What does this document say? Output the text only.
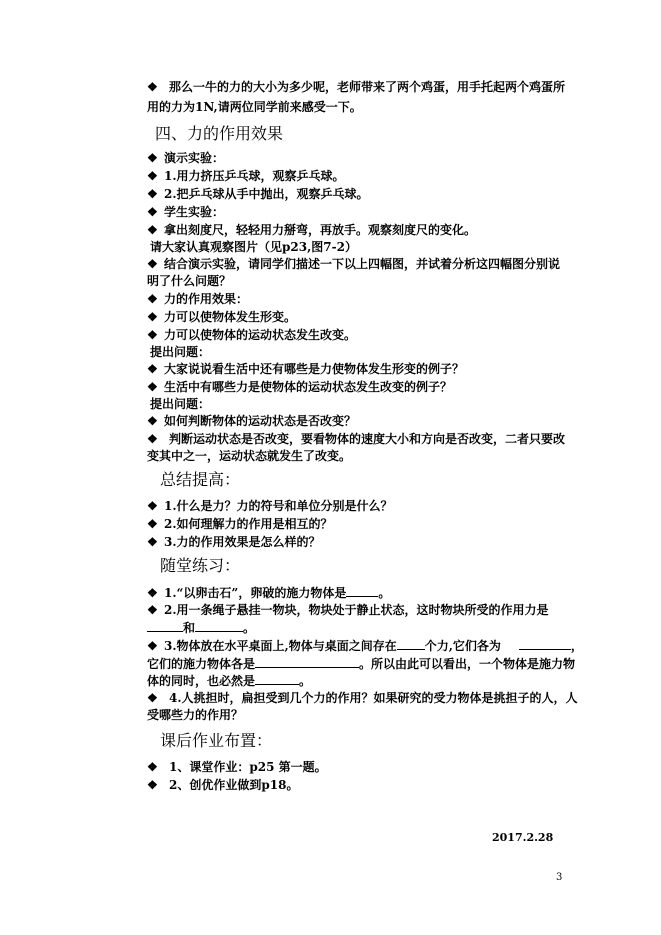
❖ 那么一牛的力的大小为多少呢，老师带来了两个鸡蛋，用手托起两个鸡蛋所
用的力为1N,请两位同学前来感受一下。
四、力的作用效果
❖ 演示实验：
❖ 1.用力挤压乒乓球，观察乒乓球。
❖ 2.把乒乓球从手中抛出，观察乒乓球。
❖ 学生实验：
❖ 拿出刻度尺，轻轻用力掰弯，再放手。观察刻度尺的变化。
请大家认真观察图片（见p23,图7-2）
❖ 结合演示实验，请同学们描述一下以上四幅图，并试着分析这四幅图分别说
明了什么问题？
❖ 力的作用效果：
❖ 力可以使物体发生形变。
❖ 力可以使物体的运动状态发生改变。
提出问题：
❖ 大家说说看生活中还有哪些是力使物体发生形变的例子？
❖ 生活中有哪些力是使物体的运动状态发生改变的例子？
提出问题：
❖ 如何判断物体的运动状态是否改变？
❖ 判断运动状态是否改变，要看物体的速度大小和方向是否改变，二者只要改
变其中之一，运动状态就发生了改变。
总结提高：
❖ 1.什么是力？力的符号和单位分别是什么？
❖ 2.如何理解力的作用是相互的？
❖ 3.力的作用效果是怎么样的？
随堂练习：
❖ 1.“以卵击石”，卵破的施力物体是	。
❖ 2.用一条绳子悬挂一物块，物块处于静止状态，这时物块所受的作用力是
和	。
❖ 3.物体放在水平桌面上,物体与桌面之间存在 个力,它们各为	，
它们的施力物体各是	。所以由此可以看出，一个物体是施力物
体的同时，也必然是	。
❖ 4.人挑担时，扁担受到几个力的作用？如果研究的受力物体是挑担子的人，人
受哪些力的作用？
课后作业布置：
❖ 1、课堂作业：p25 第一题。
❖ 2、创优作业做到p18。
2017.2.28
3
